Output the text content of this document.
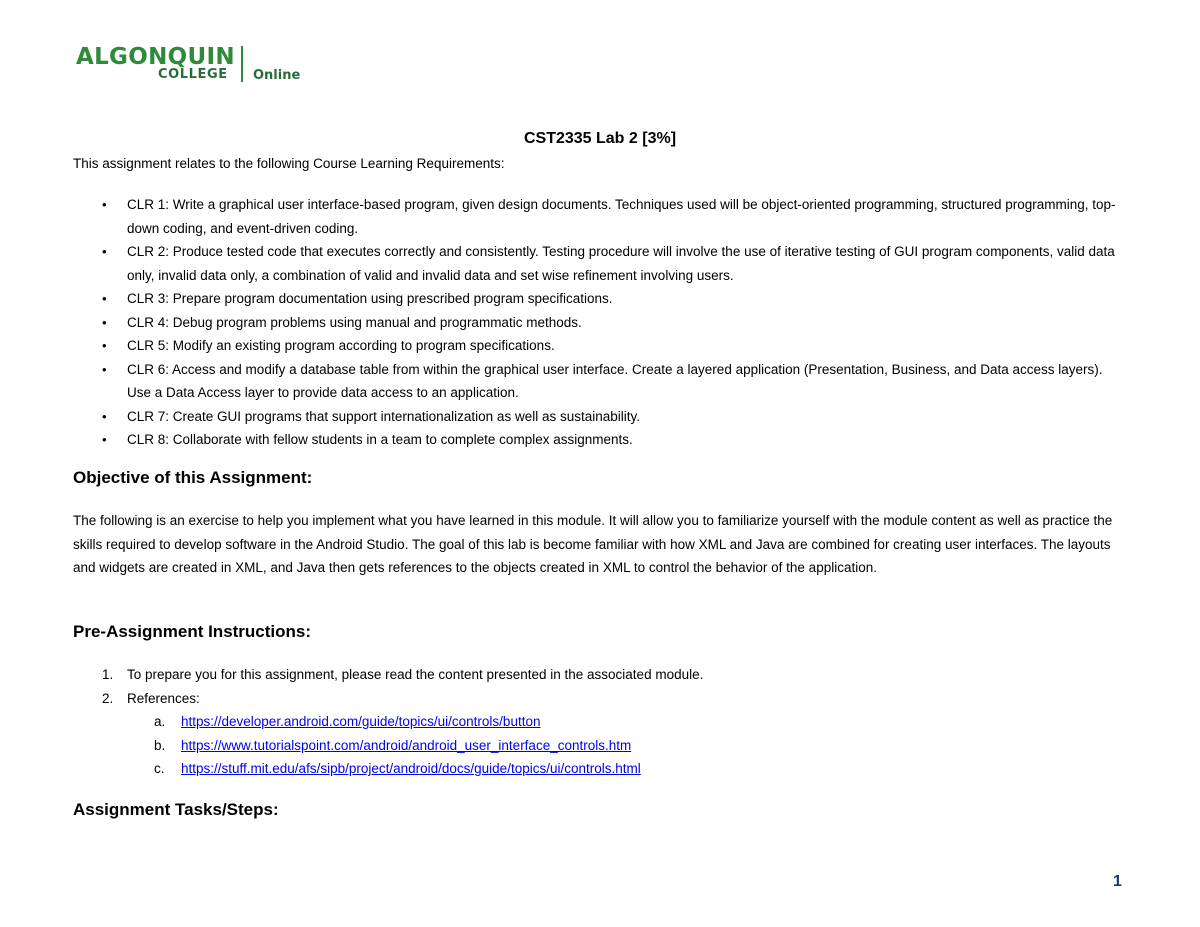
ALGONQUIN
COLLEGE Online
CST2335 Lab 2 [3%]
This assignment relates to the following Course Learning Requirements:
• CLR 1: Write a graphical user interface-based program, given design documents. Techniques used will be object-oriented programming, structured programming, top-down coding, and event-driven coding.
• CLR 2: Produce tested code that executes correctly and consistently. Testing procedure will involve the use of iterative testing of GUI program components, valid data only, invalid data only, a combination of valid and invalid data and set wise refinement involving users.
• CLR 3: Prepare program documentation using prescribed program specifications.
• CLR 4: Debug program problems using manual and programmatic methods.
• CLR 5: Modify an existing program according to program specifications.
• CLR 6: Access and modify a database table from within the graphical user interface. Create a layered application (Presentation, Business, and Data access layers). Use a Data Access layer to provide data access to an application.
• CLR 7: Create GUI programs that support internationalization as well as sustainability.
• CLR 8: Collaborate with fellow students in a team to complete complex assignments.
Objective of this Assignment:
The following is an exercise to help you implement what you have learned in this module. It will allow you to familiarize yourself with the module content as well as practice the skills required to develop software in the Android Studio. The goal of this lab is become familiar with how XML and Java are combined for creating user interfaces. The layouts and widgets are created in XML, and Java then gets references to the objects created in XML to control the behavior of the application.
Pre-Assignment Instructions:
1. To prepare you for this assignment, please read the content presented in the associated module.
2. References:
a. https://developer.android.com/guide/topics/ui/controls/button
b. https://www.tutorialspoint.com/android/android_user_interface_controls.htm
c. https://stuff.mit.edu/afs/sipb/project/android/docs/guide/topics/ui/controls.html
Assignment Tasks/Steps:
1
